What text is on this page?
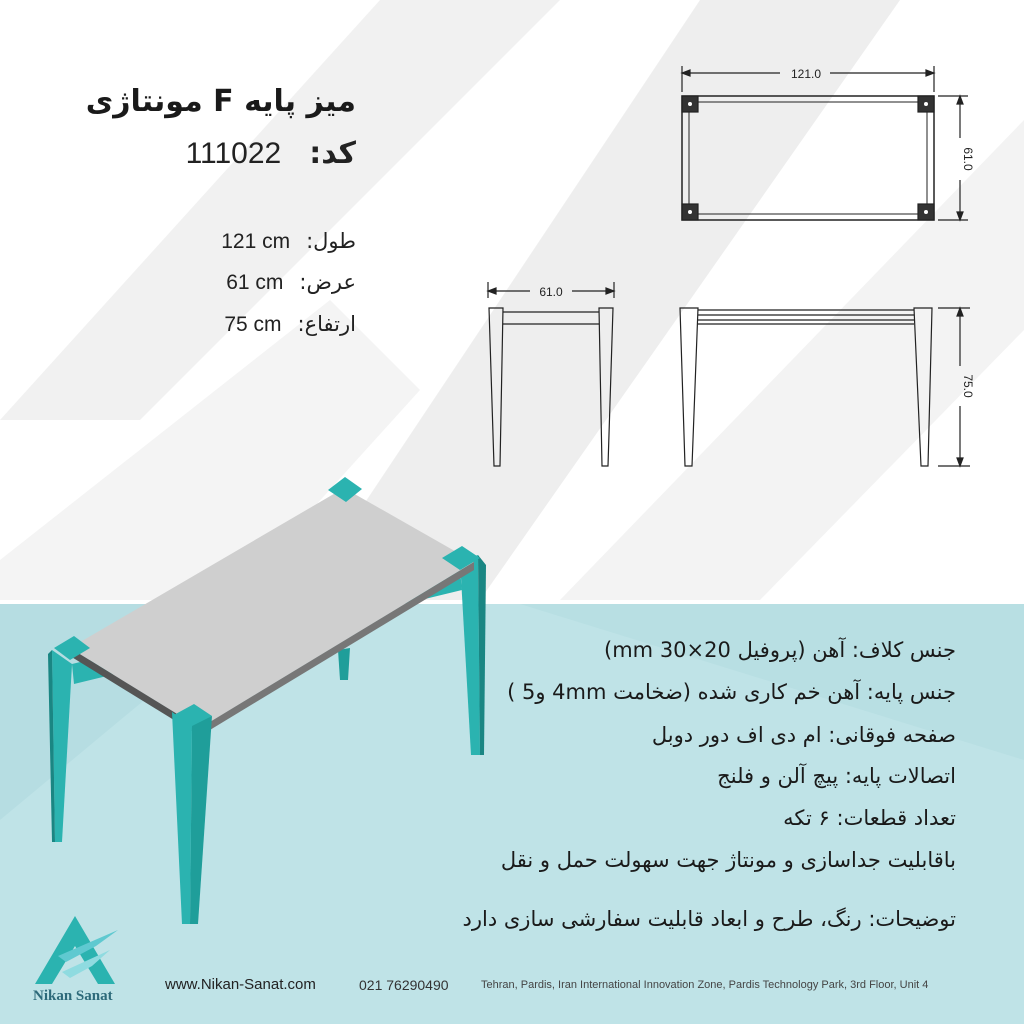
میز پایه F مونتاژی
کد:
111022
طول:
121 cm
عرض:
61 cm
ارتفاع:
75 cm
121.0
61.0
61.0
75.0
جنس کلاف: آهن (پروفیل 20×30 mm)
جنس پایه: آهن خم کاری شده (ضخامت 4mm و5 )
صفحه فوقانی: ام دی اف دور دوبل
اتصالات پایه: پیچ آلن و فلنج
تعداد قطعات: ۶ تکه
باقابلیت جداسازی و مونتاژ جهت سهولت حمل و نقل
توضیحات: رنگ، طرح و ابعاد قابلیت سفارشی سازی دارد
www.Nikan-Sanat.com	021 76290490	Tehran, Pardis, Iran International Innovation Zone, Pardis Technology Park, 3rd Floor, Unit 4
Nikan Sanat
